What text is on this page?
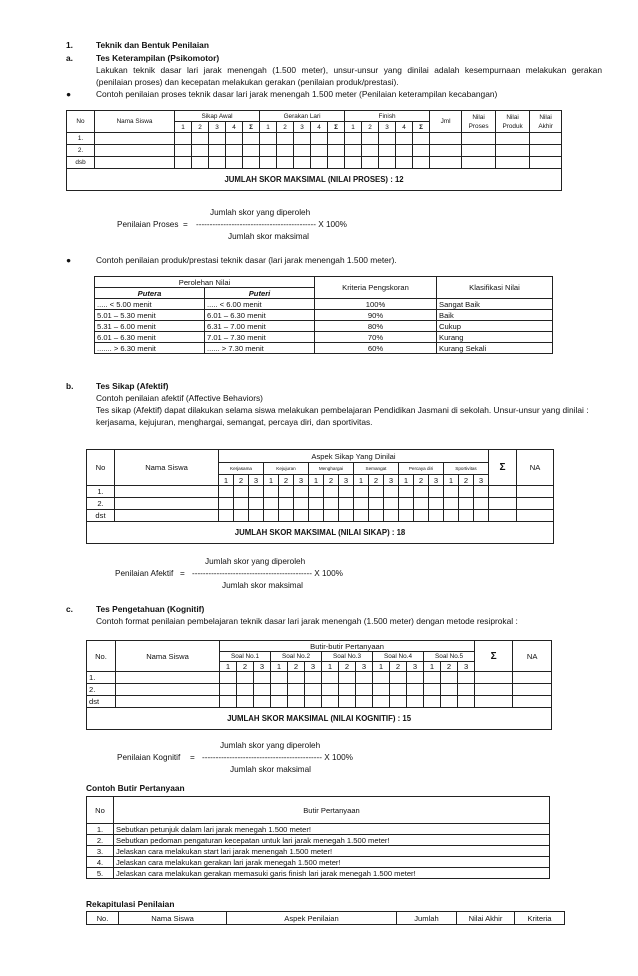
1.	Teknik dan Bentuk Penilaian

a.	Tes Keterampilan (Psikomotor)

Lakukan teknik dasar lari jarak menengah (1.500 meter), unsur-unsur yang dinilai adalah kesempurnaan melakukan gerakan

(penilaian proses) dan kecepatan melakukan gerakan (penilaian produk/prestasi).

●	Contoh penilaian proses teknik dasar lari jarak menengah 1.500 meter (Penilaian keterampilan kecabangan)

No	Nama Siswa	Sikap Awal					Gerakan Lari					Finish					Jml	Nilai Proses	Nilai Produk	Nilai Akhir
		1	2	3	4	Σ	1	2	3	4	Σ	1	2	3	4	Σ				
1.																				
2.																				
dsb																				
JUMLAH SKOR MAKSIMAL (NILAI PROSES) : 12																				

Jumlah skor yang diperoleh

Penilaian Proses = -------------------------------------------- X 100%

Jumlah skor maksimal

●	Contoh penilaian produk/prestasi teknik dasar (lari jarak menengah 1.500 meter).

Perolehan Nilai		Kriteria Pengskoran	Klasifikasi Nilai
Putera	Puteri		
..... < 5.00 menit	..... < 6.00 menit	100%	Sangat Baik
5.01 – 5.30 menit	6.01 – 6.30 menit	90%	Baik
5.31 – 6.00 menit	6.31 – 7.00 menit	80%	Cukup
6.01 – 6.30 menit	7.01 – 7.30 menit	70%	Kurang
....... > 6.30 menit	...... > 7.30 menit	60%	Kurang Sekali

b.	Tes Sikap (Afektif)

Contoh penilaian afektif (Affective Behaviors)

Tes sikap (Afektif) dapat dilakukan selama siswa melakukan pembelajaran Pendidikan Jasmani di sekolah. Unsur-unsur yang dinilai :

kerjasama, kejujuran, menghargai, semangat, percaya diri, dan sportivitas.

No	Nama Siswa	Aspek Sikap Yang Dinilai																		Σ	NA
		Kerjasama			Kejujuran			Menghargai			Semangat			Percaya diri			Sportivitas				
		1	2	3	1	2	3	1	2	3	1	2	3	1	2	3	1	2	3		
1.																					
2.																					
dst																					
JUMLAH SKOR MAKSIMAL (NILAI SIKAP) : 18																					

Jumlah skor yang diperoleh

Penilaian Afektif = -------------------------------------------- X 100%

Jumlah skor maksimal

c.	Tes Pengetahuan (Kognitif)

Contoh format penilaian pembelajaran teknik dasar lari jarak menengah (1.500 meter) dengan metode resiprokal :

No.	Nama Siswa	Butir-butir Pertanyaan															Σ	NA
		Soal No.1			Soal No.2			Soal No.3			Soal No.4			Soal No.5				
		1	2	3	1	2	3	1	2	3	1	2	3	1	2	3		
1.																		
2.																		
dst																		
JUMLAH SKOR MAKSIMAL (NILAI KOGNITIF) : 15																		

Jumlah skor yang diperoleh

Penilaian Kognitif = -------------------------------------------- X 100%

Jumlah skor maksimal

Contoh Butir Pertanyaan

No	Butir Pertanyaan
1.	Sebutkan petunjuk dalam lari jarak menegah 1.500 meter!
2.	Sebutkan pedoman pengaturan kecepatan untuk lari jarak menegah 1.500 meter!
3.	Jelaskan cara melakukan start lari jarak menengah 1.500 meter!
4.	Jelaskan cara melakukan gerakan lari jarak menegah 1.500 meter!
5.	Jelaskan cara melakukan gerakan memasuki garis finish lari jarak menegah 1.500 meter!

Rekapitulasi Penilaian

No.	Nama Siswa	Aspek Penilaian	Jumlah	Nilai Akhir	Kriteria
